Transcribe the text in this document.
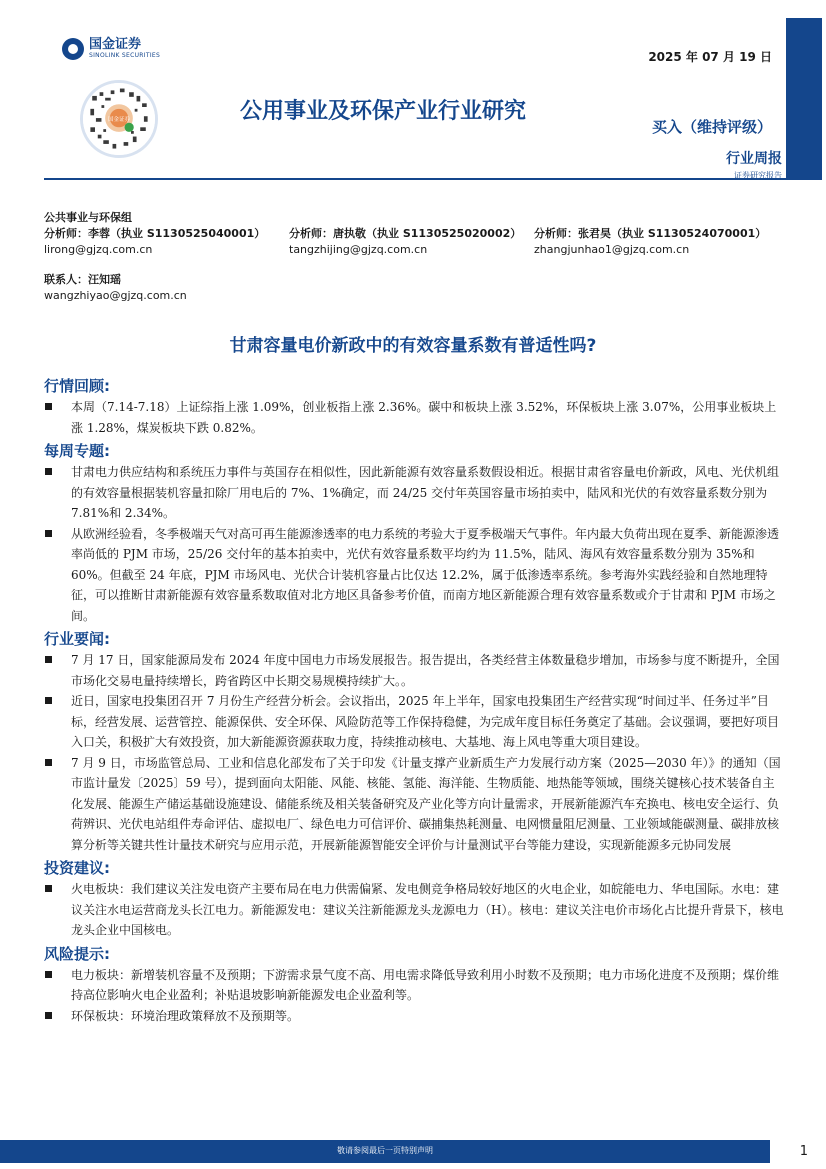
国金证券
SINOLINK SECURITIES
国金证券
2025 年 07 月 19 日
公用事业及环保产业行业研究
买入（维持评级）
行业周报
证券研究报告
公共事业与环保组
分析师：李蓉（执业 S1130525040001）
lirong@gjzq.com.cn
分析师：唐执敬（执业 S1130525020002）
tangzhijing@gjzq.com.cn
分析师：张君昊（执业 S1130524070001）
zhangjunhao1@gjzq.com.cn
联系人：汪知瑶
wangzhiyao@gjzq.com.cn
甘肃容量电价新政中的有效容量系数有普适性吗?
行情回顾:
本周（7.14-7.18）上证综指上涨 1.09%，创业板指上涨 2.36%。碳中和板块上涨 3.52%，环保板块上涨 3.07%，公用事业板块上涨 1.28%，煤炭板块下跌 0.82%。
每周专题:
甘肃电力供应结构和系统压力事件与英国存在相似性，因此新能源有效容量系数假设相近。根据甘肃省容量电价新政，风电、光伏机组的有效容量根据装机容量扣除厂用电后的 7%、1%确定，而 24/25 交付年英国容量市场拍卖中，陆风和光伏的有效容量系数分别为 7.81%和 2.34%。
从欧洲经验看，冬季极端天气对高可再生能源渗透率的电力系统的考验大于夏季极端天气事件。年内最大负荷出现在夏季、新能源渗透率尚低的 PJM 市场，25/26 交付年的基本拍卖中，光伏有效容量系数平均约为 11.5%，陆风、海风有效容量系数分别为 35%和 60%。但截至 24 年底，PJM 市场风电、光伏合计装机容量占比仅达 12.2%，属于低渗透率系统。参考海外实践经验和自然地理特征，可以推断甘肃新能源有效容量系数取值对北方地区具备参考价值，而南方地区新能源合理有效容量系数或介于甘肃和 PJM 市场之间。
行业要闻:
7 月 17 日，国家能源局发布 2024 年度中国电力市场发展报告。报告提出，各类经营主体数量稳步增加，市场参与度不断提升，全国市场化交易电量持续增长，跨省跨区中长期交易规模持续扩大。。
近日，国家电投集团召开 7 月份生产经营分析会。会议指出，2025 年上半年，国家电投集团生产经营实现“时间过半、任务过半”目标，经营发展、运营管控、能源保供、安全环保、风险防范等工作保持稳健，为完成年度目标任务奠定了基础。会议强调，要把好项目入口关，积极扩大有效投资，加大新能源资源获取力度，持续推动核电、大基地、海上风电等重大项目建设。
7 月 9 日，市场监管总局、工业和信息化部发布了关于印发《计量支撑产业新质生产力发展行动方案（2025—2030 年）》的通知（国市监计量发〔2025〕59 号），提到面向太阳能、风能、核能、氢能、海洋能、生物质能、地热能等领域，围绕关键核心技术装备自主化发展、能源生产储运基础设施建设、储能系统及相关装备研究及产业化等方向计量需求，开展新能源汽车充换电、核电安全运行、负荷辨识、光伏电站组件寿命评估、虚拟电厂、绿色电力可信评价、碳捕集热耗测量、电网惯量阻尼测量、工业领域能碳测量、碳排放核算分析等关键共性计量技术研究与应用示范，开展新能源智能安全评价与计量测试平台等能力建设，实现新能源多元协同发展
投资建议:
火电板块：我们建议关注发电资产主要布局在电力供需偏紧、发电侧竞争格局较好地区的火电企业，如皖能电力、华电国际。水电：建议关注水电运营商龙头长江电力。新能源发电：建议关注新能源龙头龙源电力（H）。核电：建议关注电价市场化占比提升背景下，核电龙头企业中国核电。
风险提示:
电力板块：新增装机容量不及预期；下游需求景气度不高、用电需求降低导致利用小时数不及预期；电力市场化进度不及预期；煤价维持高位影响火电企业盈利；补贴退坡影响新能源发电企业盈利等。
环保板块：环境治理政策释放不及预期等。
敬请参阅最后一页特别声明	1
